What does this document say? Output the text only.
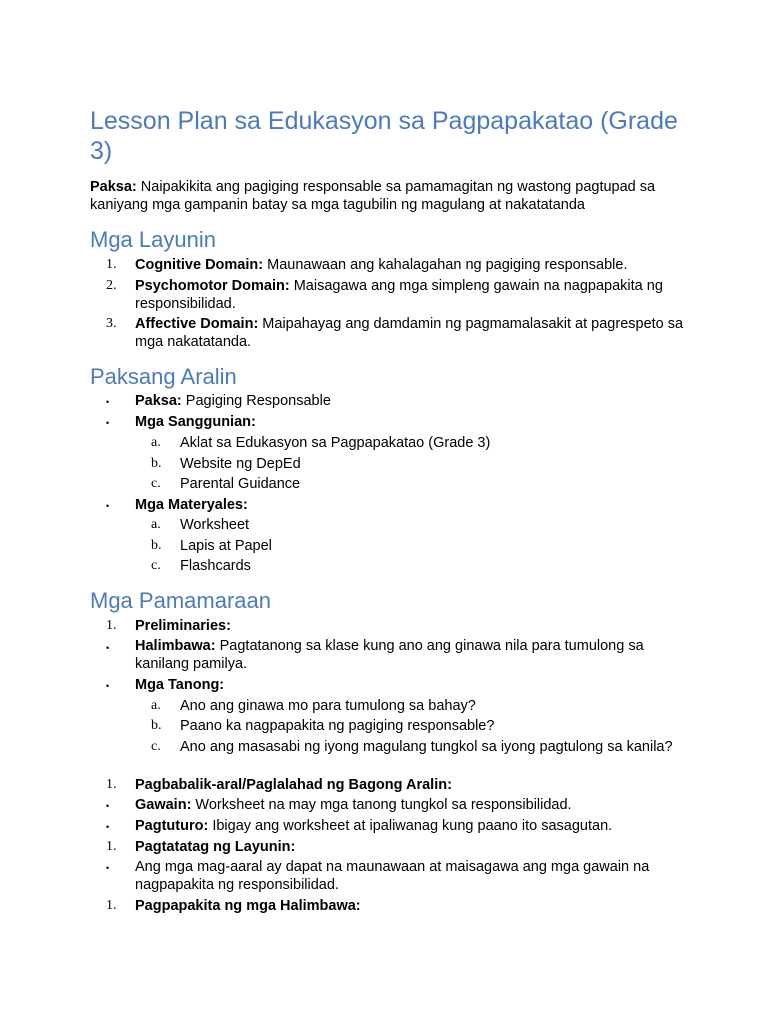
Lesson Plan sa Edukasyon sa Pagpapakatao (Grade 3)

Paksa: Naipakikita ang pagiging responsable sa pamamagitan ng wastong pagtupad sa kaniyang mga gampanin batay sa mga tagubilin ng magulang at nakatatanda

Mga Layunin
1. Cognitive Domain: Maunawaan ang kahalagahan ng pagiging responsable.

2. Psychomotor Domain: Maisagawa ang mga simpleng gawain na nagpapakita ng responsibilidad.

3. Affective Domain: Maipahayag ang damdamin ng pagmamalasakit at pagrespeto sa mga nakatatanda.

Paksang Aralin
• Paksa: Pagiging Responsable

• Mga Sanggunian:

a. Aklat sa Edukasyon sa Pagpapakatao (Grade 3)

b. Website ng DepEd

c. Parental Guidance

• Mga Materyales:

a. Worksheet

b. Lapis at Papel

c. Flashcards

Mga Pamamaraan
1. Preliminaries:

• Halimbawa: Pagtatanong sa klase kung ano ang ginawa nila para tumulong sa kanilang pamilya.

• Mga Tanong:

a. Ano ang ginawa mo para tumulong sa bahay?

b. Paano ka nagpapakita ng pagiging responsable?

c. Ano ang masasabi ng iyong magulang tungkol sa iyong pagtulong sa kanila?

1. Pagbabalik-aral/Paglalahad ng Bagong Aralin:

• Gawain: Worksheet na may mga tanong tungkol sa responsibilidad.

• Pagtuturo: Ibigay ang worksheet at ipaliwanag kung paano ito sasagutan.

1. Pagtatatag ng Layunin:

• Ang mga mag-aaral ay dapat na maunawaan at maisagawa ang mga gawain na nagpapakita ng responsibilidad.

1. Pagpapakita ng mga Halimbawa:
